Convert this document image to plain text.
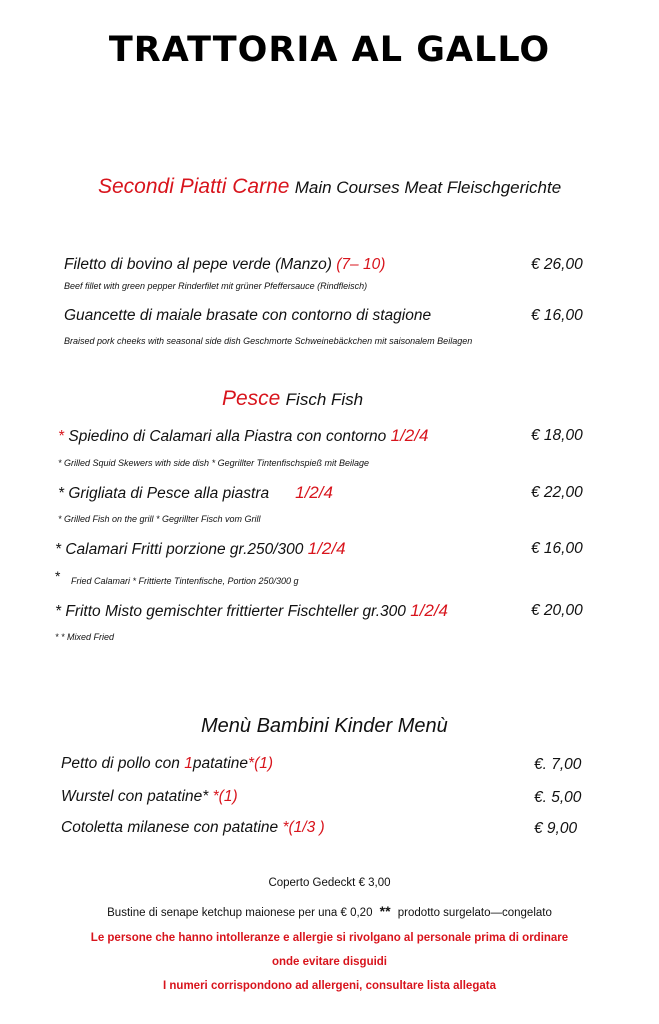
TRATTORIA AL GALLO
Secondi Piatti Carne Main Courses Meat Fleischgerichte
Filetto di bovino al pepe verde (Manzo) (7– 10)	€ 26,00
Beef fillet with green pepper Rinderfilet mit grüner Pfeffersauce (Rindfleisch)
Guancette di maiale brasate con contorno di stagione	€ 16,00
Braised pork cheeks with seasonal side dish Geschmorte Schweinebäckchen mit saisonalem Beilagen
Pesce Fisch Fish
* Spiedino di Calamari alla Piastra con contorno 1/2/4	€ 18,00
* Grilled Squid Skewers with side dish * Gegrillter Tintenfischspieß mit Beilage
* Grigliata di Pesce alla piastra 1/2/4	€ 22,00
* Grilled Fish on the grill * Gegrillter Fisch vom Grill
* Calamari Fritti porzione gr.250/300 1/2/4	€ 16,00
* Fried Calamari * Frittierte Tintenfische, Portion 250/300 g
* Fritto Misto gemischter frittierter Fischteller gr.300 1/2/4	€ 20,00
* * Mixed Fried
Menù Bambini Kinder Menù
Petto di pollo con 1patatine*(1)	€. 7,00
Wurstel con patatine* *(1)	€. 5,00
Cotoletta milanese con patatine *(1/3 )	€ 9,00
Coperto Gedeckt € 3,00
Bustine di senape ketchup maionese per una € 0,20 ** prodotto surgelato—congelato
Le persone che hanno intolleranze e allergie si rivolgano al personale prima di ordinare
onde evitare disguidi
I numeri corrispondono ad allergeni, consultare lista allegata
